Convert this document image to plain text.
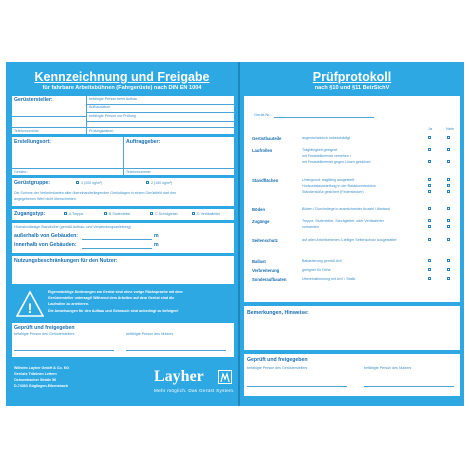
Kennzeichnung und Freigabe
für fahrbare Arbeitsbühnen (Fahrgerüste) nach DIN EN 1004
Gerüstersteller:	befähigte Person beim Aufbau
Aufbaudatum
befähigte Person zur Prüfung
Telefonnummer	Prüfungsdatum
Erstellungsort:	Auftraggeber:
Gerätnr.:	Telefonnummer
Gerüstgruppe:	3 (200 kg/m²)	2 (150 kg/m²)
Die Summe der Verkehrslasten aller übereinanderliegenden Gerüstlagen in einem Gerüstfeld darf den
angegebenen Wert nicht überschreiten.
Zugangstyp:	A Treppe	B Stufenleiter	C Schrägleiter	D Vertikalleiter
Höchstzulässige Standhöhe (gemäß Aufbau- und Verwendungsanleitung)
außerhalb von Gebäuden:	m
innerhalb von Gebäuden:	m
Nutzungsbeschränkungen für den Nutzer:
!
Eigenmächtige Änderungen am Gerüst sind ohne vorige Rücksprache mit dem
Gerüstersteller untersagt! Während dem Arbeiten auf dem Gerüst sind die
Laufrollen zu arretieren.
Die Anweisungen für den Aufbau und Gebrauch sind unbedingt zu befolgen!
Geprüft und freigegeben
befähigte Person des Gerüsterstellers	befähigte Person des Nutzers
Wilhelm Layher GmbH & Co. KG
Gerüste Tribünen Leitern
Ochsenbacher Straße 56
D-74363 Güglingen-Eibensbach
Layher
Mehr möglich. Das Gerüst System.
Prüfprotokoll
nach §10 und §11 BetrSichV
Gerät-Nr.:
Ja	Nein
Gerüstbauteile	augenscheinlich unbeschädigt
Laufrollen	Tragfähigkeit geeignet
mit Feststellbremse versehen /
mit Feststellbremse gegen Lösen gesichert
Standflächen	Untergrund: tragfähig ausgesteift
Horizontalaussteifung in der Basiskonstruktion
Ständerstöße gesichert (Federstecker)
Böden	Böden / Durchstiege in ausreichender Anzahl / Abstand
Zugänge	Treppe, Stufenleiter, Schrägleiter, oder Vertikalleiter
vorhanden
Seitenschutz	auf allen Arbeitsebenen 3-teiliger Seitenschutz ausgestattet
Ballast	Ballastierung gemäß AvV
Verbreiterung	geeignet für Höhe
Sonderaufbauten	Übereinstimmung mit AvV / Statik
Bemerkungen, Hinweise:
Geprüft und freigegeben
befähigte Person des Gerüsterstellers	befähigte Person des Nutzers
